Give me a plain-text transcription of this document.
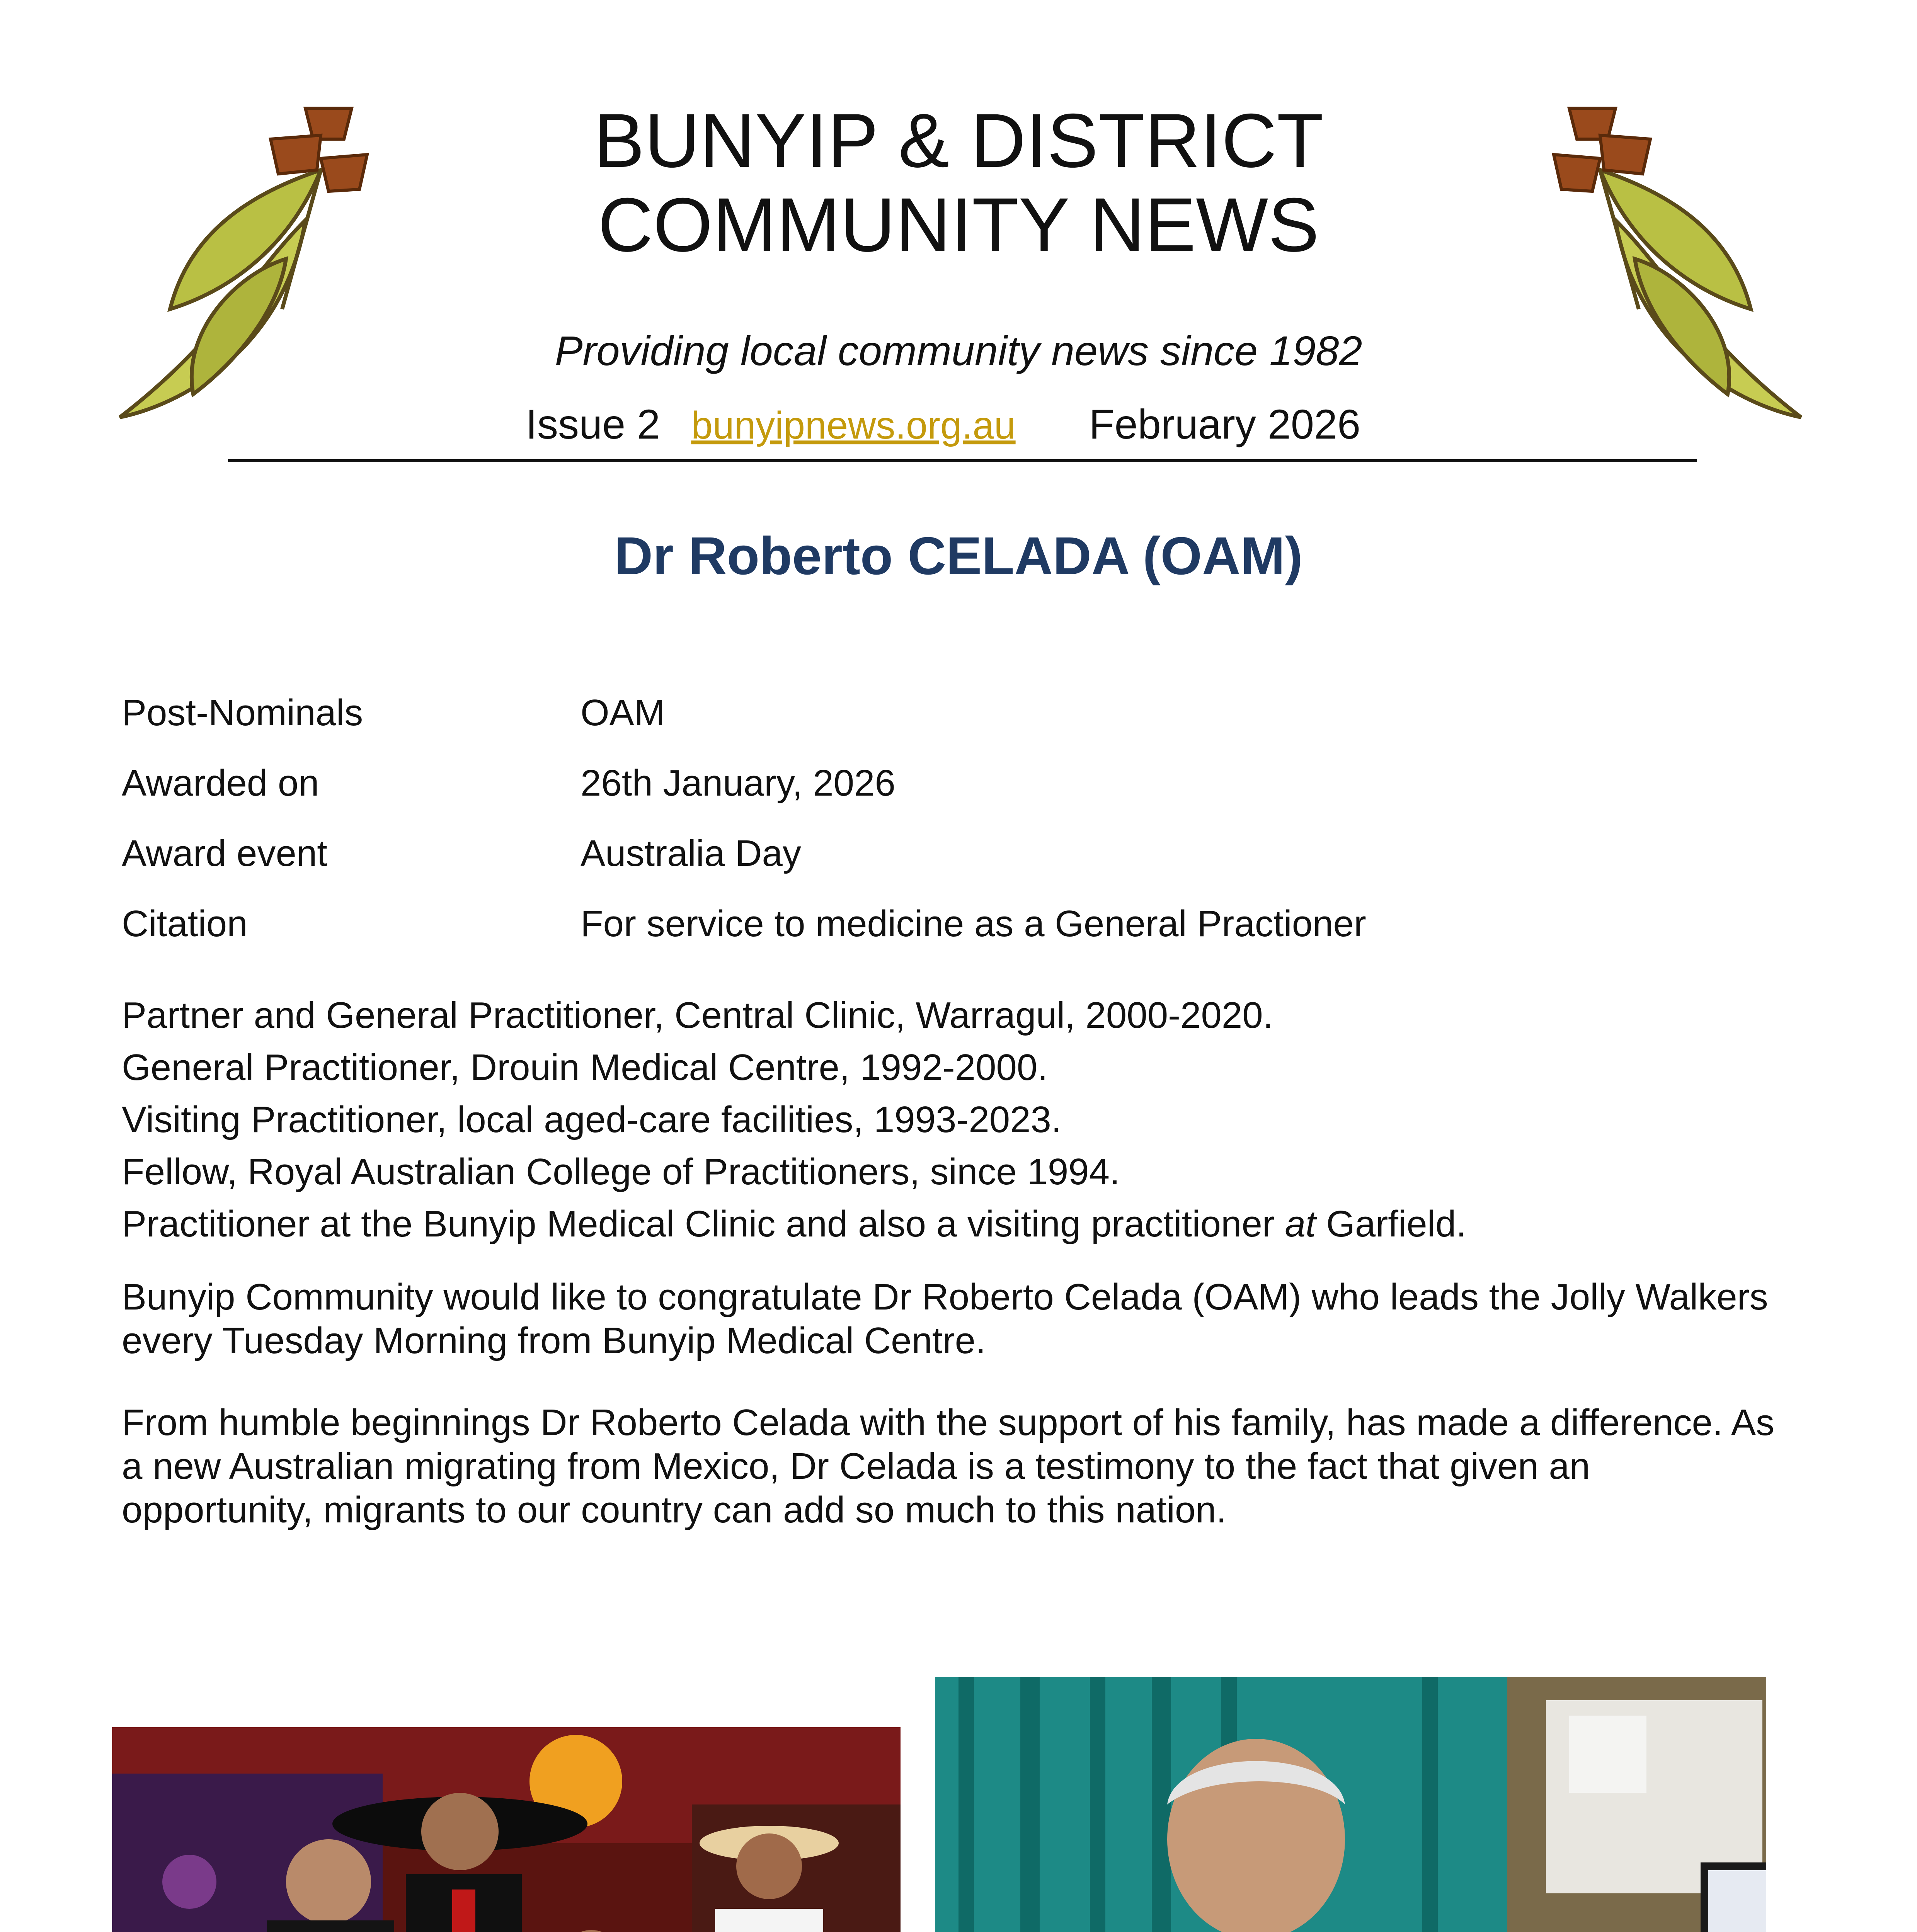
BUNYIP & DISTRICT
COMMUNITY NEWS
Providing local community news since 1982
Issue 2 bunyipnews.org.au February 2026
Dr Roberto CELADA (OAM)
Post-Nominals	OAM
Awarded on	26th January, 2026
Award event	Australia Day
Citation	For service to medicine as a General Practioner
Partner and General Practitioner, Central Clinic, Warragul, 2000-2020.
General Practitioner, Drouin Medical Centre, 1992-2000.
Visiting Practitioner, local aged-care facilities, 1993-2023.
Fellow, Royal Australian College of Practitioners, since 1994.
Practitioner at the Bunyip Medical Clinic and also a visiting practitioner at Garfield.
Bunyip Community would like to congratulate Dr Roberto Celada (OAM) who leads the Jolly Walkers every Tuesday Morning from Bunyip Medical Centre.
From humble beginnings Dr Roberto Celada with the support of his family, has made a difference. As a new Australian migrating from Mexico, Dr Celada is a testimony to the fact that given an opportunity, migrants to our country can add so much to this nation.
